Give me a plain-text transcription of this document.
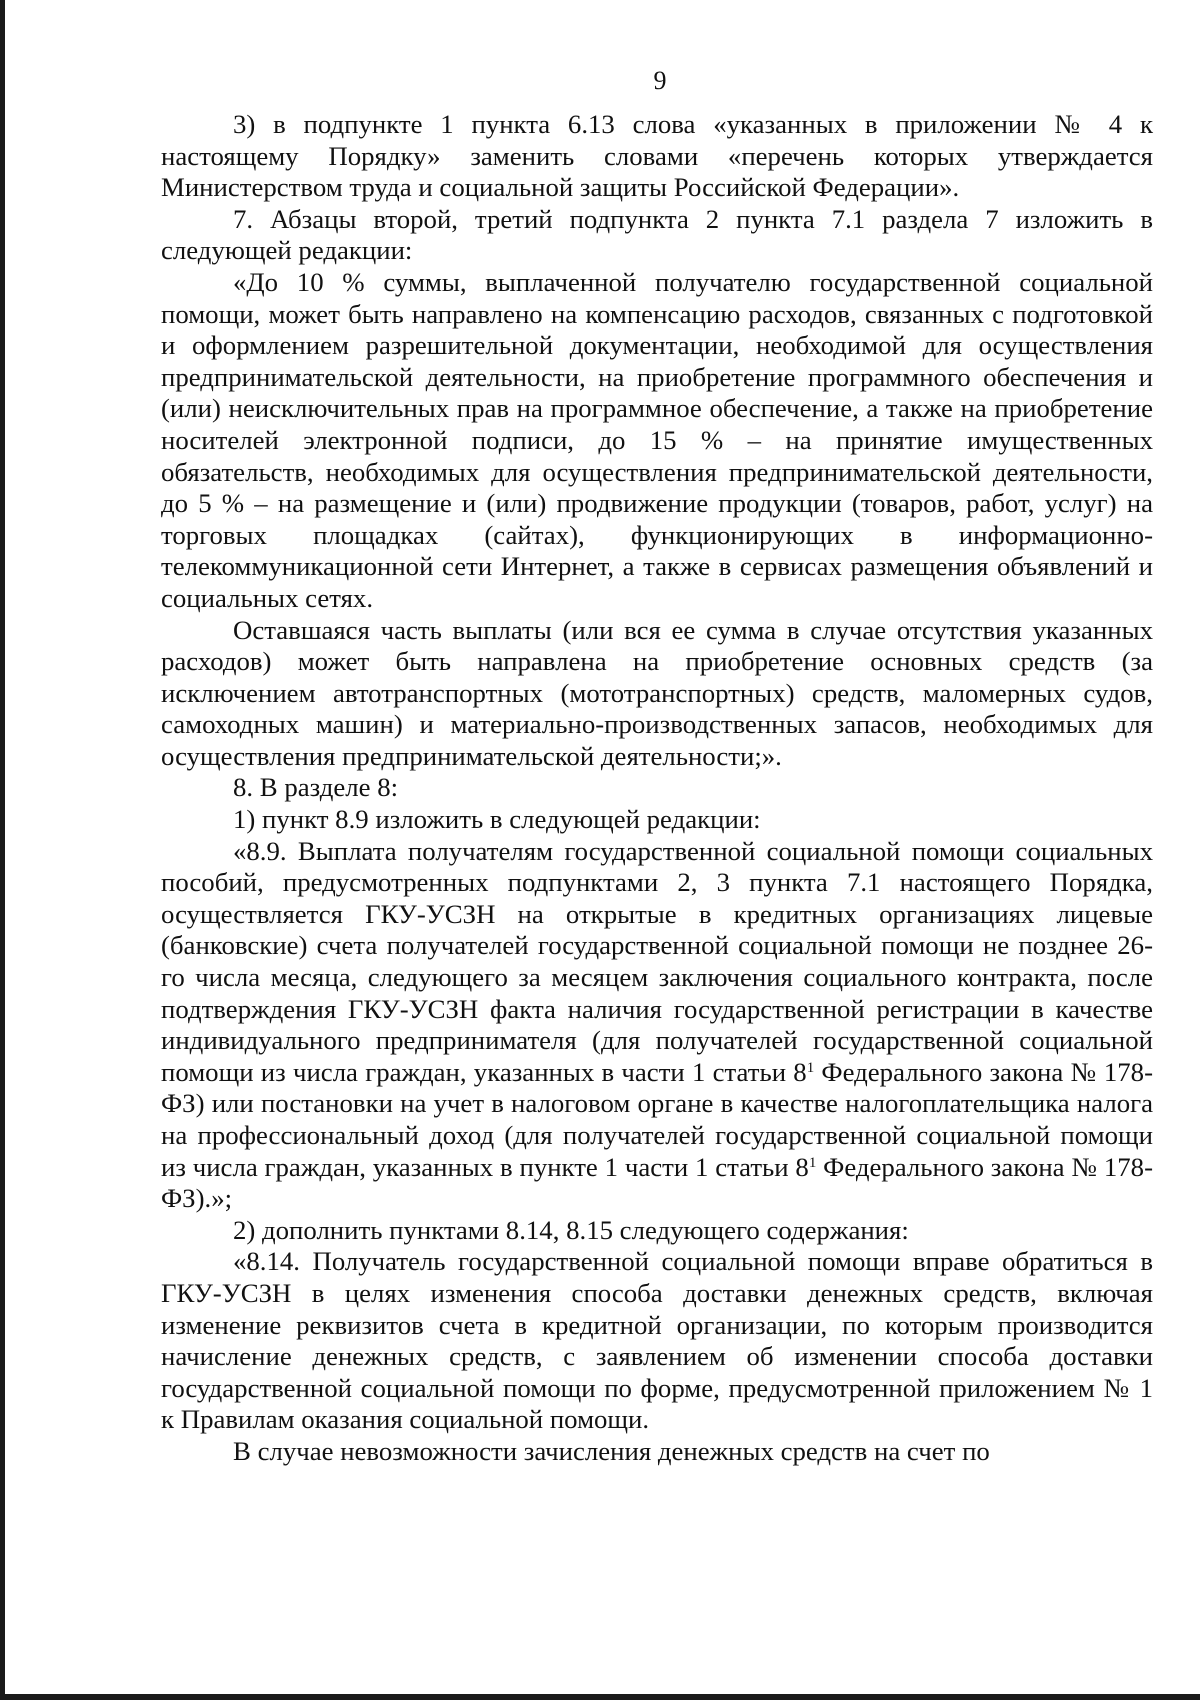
9

3) в подпункте 1 пункта 6.13 слова «указанных в приложении № 4 к настоящему Порядку» заменить словами «перечень которых утверждается Министерством труда и социальной защиты Российской Федерации».

7. Абзацы второй, третий подпункта 2 пункта 7.1 раздела 7 изложить в следующей редакции:

«До 10 % суммы, выплаченной получателю государственной социальной помощи, может быть направлено на компенсацию расходов, связанных с подготовкой и оформлением разрешительной документации, необходимой для осуществления предпринимательской деятельности, на приобретение программного обеспечения и (или) неисключительных прав на программное обеспечение, а также на приобретение носителей электронной подписи, до 15 % – на принятие имущественных обязательств, необходимых для осуществления предпринимательской деятельности, до 5 % – на размещение и (или) продвижение продукции (товаров, работ, услуг) на торговых площадках (сайтах), функционирующих в информационно-телекоммуникационной сети Интернет, а также в сервисах размещения объявлений и социальных сетях.

Оставшаяся часть выплаты (или вся ее сумма в случае отсутствия указанных расходов) может быть направлена на приобретение основных средств (за исключением автотранспортных (мототранспортных) средств, маломерных судов, самоходных машин) и материально-производственных запасов, необходимых для осуществления предпринимательской деятельности;».

8. В разделе 8:

1) пункт 8.9 изложить в следующей редакции:

«8.9. Выплата получателям государственной социальной помощи социальных пособий, предусмотренных подпунктами 2, 3 пункта 7.1 настоящего Порядка, осуществляется ГКУ-УСЗН на открытые в кредитных организациях лицевые (банковские) счета получателей государственной социальной помощи не позднее 26-го числа месяца, следующего за месяцем заключения социального контракта, после подтверждения ГКУ-УСЗН факта наличия государственной регистрации в качестве индивидуального предпринимателя (для получателей государственной социальной помощи из числа граждан, указанных в части 1 статьи $8^1$ Федерального закона № 178-ФЗ) или постановки на учет в налоговом органе в качестве налогоплательщика налога на профессиональный доход (для получателей государственной социальной помощи из числа граждан, указанных в пункте 1 части 1 статьи $8^1$ Федерального закона № 178-ФЗ).»;

2) дополнить пунктами 8.14, 8.15 следующего содержания:

«8.14. Получатель государственной социальной помощи вправе обратиться в ГКУ-УСЗН в целях изменения способа доставки денежных средств, включая изменение реквизитов счета в кредитной организации, по которым производится начисление денежных средств, с заявлением об изменении способа доставки государственной социальной помощи по форме, предусмотренной приложением № 1 к Правилам оказания социальной помощи.

В случае невозможности зачисления денежных средств на счет по
